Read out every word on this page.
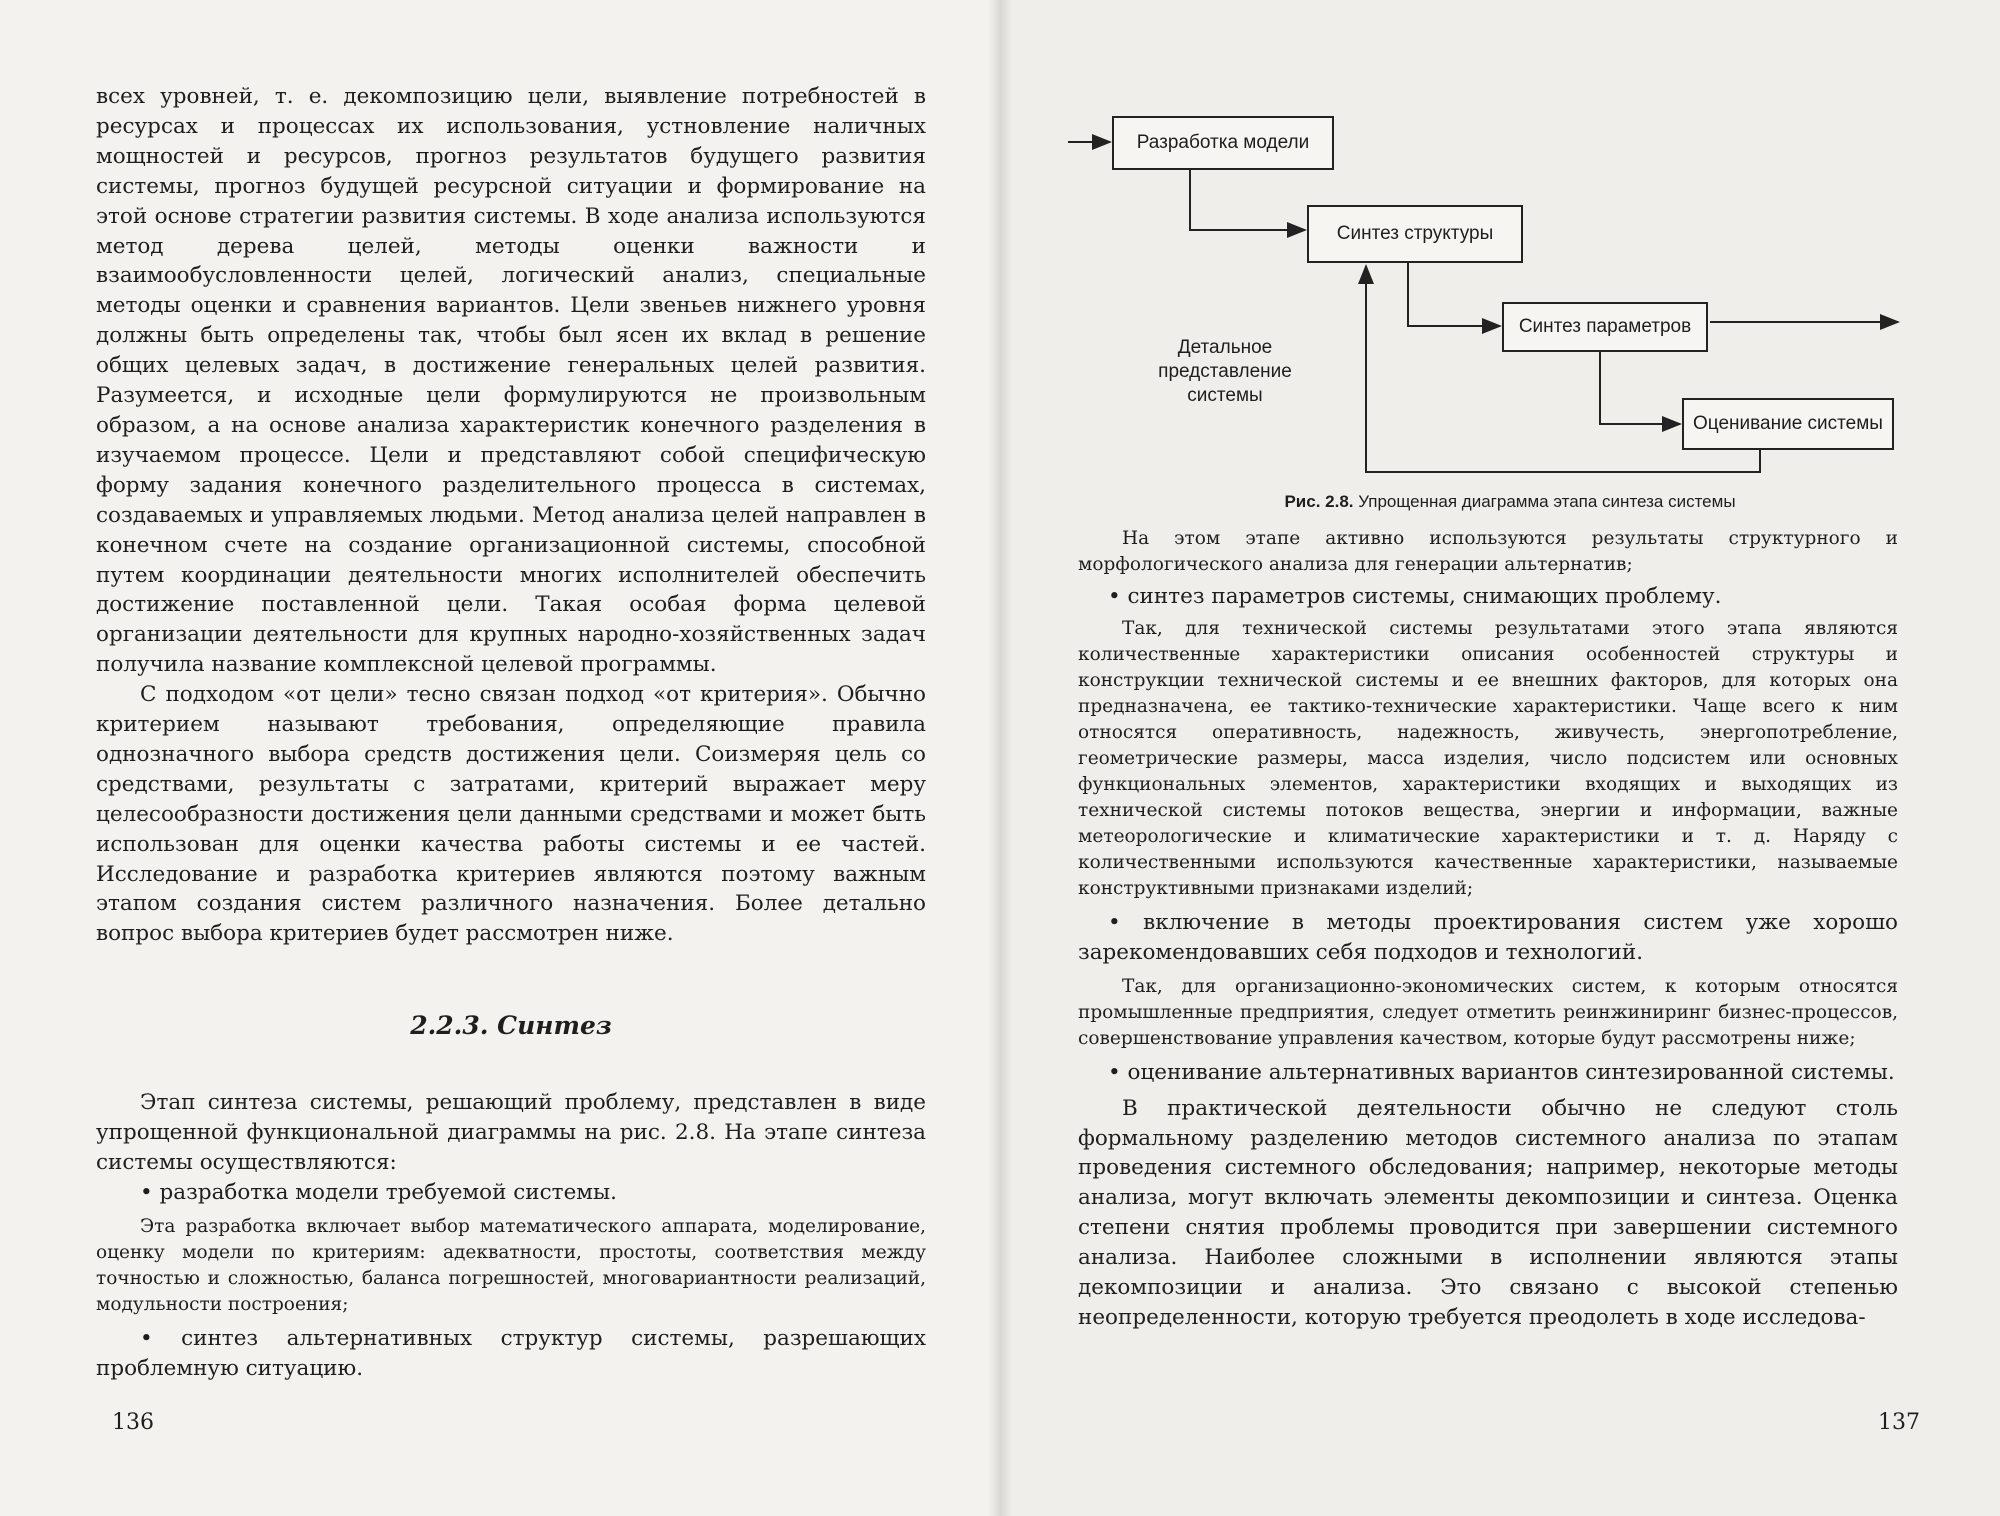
всех уровней, т. е. декомпозицию цели, выявление потребностей в ресурсах и процессах их использования, устновление наличных мощностей и ресурсов, прогноз результатов будущего развития системы, прогноз будущей ресурсной ситуации и формирование на этой основе стратегии развития системы. В ходе анализа используются метод дерева целей, методы оценки важности и взаимообусловленности целей, логический анализ, специальные методы оценки и сравнения вариантов. Цели звеньев нижнего уровня должны быть определены так, чтобы был ясен их вклад в решение общих целевых задач, в достижение генеральных целей развития. Разумеется, и исходные цели формулируются не произвольным образом, а на основе анализа характеристик конечного разделения в изучаемом процессе. Цели и представляют собой специфическую форму задания конечного разделительного процесса в системах, создаваемых и управляемых людьми. Метод анализа целей направлен в конечном счете на создание организационной системы, способной путем координации деятельности многих исполнителей обеспечить достижение поставленной цели. Такая особая форма целевой организации деятельности для крупных народно-хозяйственных задач получила название комплексной целевой программы.

С подходом «от цели» тесно связан подход «от критерия». Обычно критерием называют требования, определяющие правила однозначного выбора средств достижения цели. Соизмеряя цель со средствами, результаты с затратами, критерий выражает меру целесообразности достижения цели данными средствами и может быть использован для оценки качества работы системы и ее частей. Исследование и разработка критериев являются поэтому важным этапом создания систем различного назначения. Более детально вопрос выбора критериев будет рассмотрен ниже.

2.2.3. Синтез

Этап синтеза системы, решающий проблему, представлен в виде упрощенной функциональной диаграммы на рис. 2.8. На этапе синтеза системы осуществляются:

• разработка модели требуемой системы.

Эта разработка включает выбор математического аппарата, моделирование, оценку модели по критериям: адекватности, простоты, соответствия между точностью и сложностью, баланса погрешностей, многовариантности реализаций, модульности построения;

• синтез альтернативных структур системы, разрешающих проблемную ситуацию.

136

На этом этапе активно используются результаты структурного и морфологического анализа для генерации альтернатив;

• синтез параметров системы, снимающих проблему.

Так, для технической системы результатами этого этапа являются количественные характеристики описания особенностей структуры и конструкции технической системы и ее внешних факторов, для которых она предназначена, ее тактико-технические характеристики. Чаще всего к ним относятся оперативность, надежность, живучесть, энергопотребление, геометрические размеры, масса изделия, число подсистем или основных функциональных элементов, характеристики входящих и выходящих из технической системы потоков вещества, энергии и информации, важные метеорологические и климатические характеристики и т. д. Наряду с количественными используются качественные характеристики, называемые конструктивными признаками изделий;

• включение в методы проектирования систем уже хорошо зарекомендовавших себя подходов и технологий.

Так, для организационно-экономических систем, к которым относятся промышленные предприятия, следует отметить реинжиниринг бизнес-процессов, совершенствование управления качеством, которые будут рассмотрены ниже;

• оценивание альтернативных вариантов синтезированной системы.

В практической деятельности обычно не следуют столь формальному разделению методов системного анализа по этапам проведения системного обследования; например, некоторые методы анализа, могут включать элементы декомпозиции и синтеза. Оценка степени снятия проблемы проводится при завершении системного анализа. Наиболее сложными в исполнении являются этапы декомпозиции и анализа. Это связано с высокой степенью неопределенности, которую требуется преодолеть в ходе исследова-

137
Разработка модели
Синтез структуры
Синтез параметров
Оценивание системы
Детальное представление системы
Рис. 2.8. Упрощенная диаграмма этапа синтеза системы
